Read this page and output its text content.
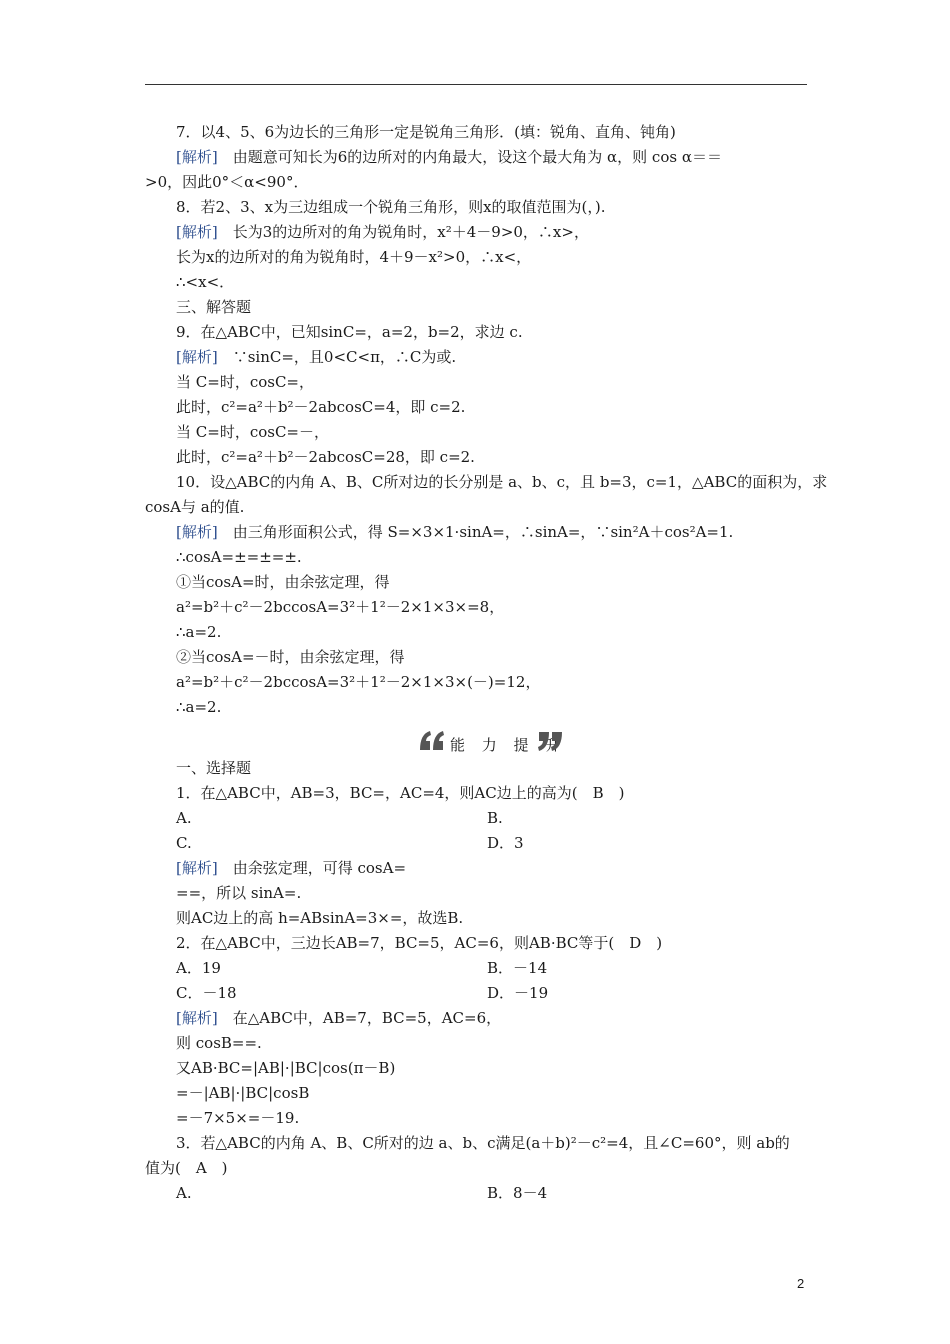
7．以4、5、6为边长的三角形一定是锐角三角形．(填：锐角、直角、钝角)
[解析]　由题意可知长为6的边所对的内角最大，设这个最大角为 α，则 cos α＝＝
>0，因此0°＜α<90°．
8．若2、3、x为三边组成一个锐角三角形，则x的取值范围为(，).
[解析]　长为3的边所对的角为锐角时，x²＋4－9>0，∴x>，
长为x的边所对的角为锐角时，4＋9－x²>0，∴x<，
∴<x<．
三、解答题
9．在△ABC中，已知sinC=，a=2，b=2，求边 c.
[解析]　∵sinC=，且0<C<π，∴C为或.
当 C=时，cosC=，
此时，c²=a²＋b²－2abcosC=4，即 c=2.
当 C=时，cosC=－，
此时，c²=a²＋b²－2abcosC=28，即 c=2.
10．设△ABC的内角 A、B、C所对边的长分别是 a、b、c，且 b=3，c=1，△ABC的面积为，求
cosA与 a的值.
[解析]　由三角形面积公式，得 S=×3×1·sinA=，∴sinA=，∵sin²A＋cos²A=1.
∴cosA=±=±=±.
①当cosA=时，由余弦定理，得
a²=b²＋c²－2bccosA=3²＋1²－2×1×3×=8，
∴a=2.
②当cosA=－时，由余弦定理，得
a²=b²＋c²－2bccosA=3²＋1²－2×1×3×(－)=12，
∴a=2.
一、选择题
1．在△ABC中，AB=3，BC=，AC=4，则AC边上的高为(　B　)
A.	B.
C.	D．3
[解析]　由余弦定理，可得 cosA=
==，所以 sinA=.
则AC边上的高 h=ABsinA=3×=，故选B.
2．在△ABC中，三边长AB=7，BC=5，AC=6，则AB·BC等于(　D　)
A．19	B．－14
C．－18	D．－19
[解析]　在△ABC中，AB=7，BC=5，AC=6，
则 cosB==.
又AB·BC=|AB|·|BC|cos(π－B)
=－|AB|·|BC|cosB
=－7×5×=－19.
3．若△ABC的内角 A、B、C所对的边 a、b、c满足(a＋b)²－c²=4，且∠C=60°，则 ab的
值为(　A　)
A.	B．8－4
能 力 提 升
2
